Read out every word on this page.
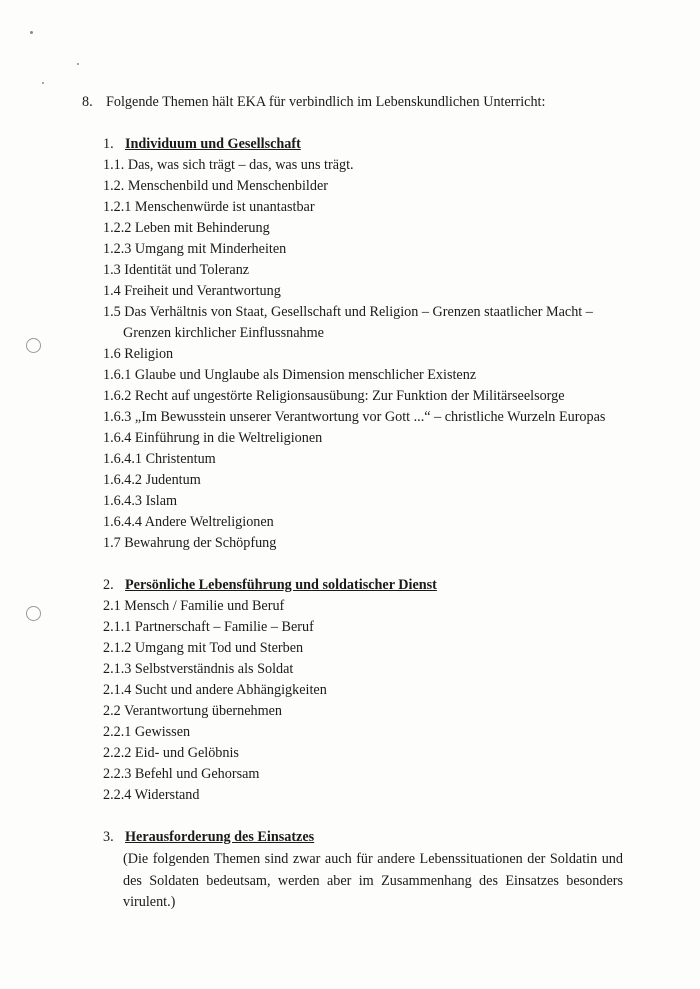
8. Folgende Themen hält EKA für verbindlich im Lebenskundlichen Unterricht:
1. Individuum und Gesellschaft
1.1. Das, was sich trägt – das, was uns trägt.
1.2. Menschenbild und Menschenbilder
1.2.1 Menschenwürde ist unantastbar
1.2.2 Leben mit Behinderung
1.2.3 Umgang mit Minderheiten
1.3 Identität und Toleranz
1.4 Freiheit und Verantwortung
1.5 Das Verhältnis von Staat, Gesellschaft und Religion – Grenzen staatlicher Macht –
Grenzen kirchlicher Einflussnahme
1.6 Religion
1.6.1 Glaube und Unglaube als Dimension menschlicher Existenz
1.6.2 Recht auf ungestörte Religionsausübung: Zur Funktion der Militärseelsorge
1.6.3 „Im Bewusstein unserer Verantwortung vor Gott ...“ – christliche Wurzeln Europas
1.6.4 Einführung in die Weltreligionen
1.6.4.1 Christentum
1.6.4.2 Judentum
1.6.4.3 Islam
1.6.4.4 Andere Weltreligionen
1.7 Bewahrung der Schöpfung
2. Persönliche Lebensführung und soldatischer Dienst
2.1 Mensch / Familie und Beruf
2.1.1 Partnerschaft – Familie – Beruf
2.1.2 Umgang mit Tod und Sterben
2.1.3 Selbstverständnis als Soldat
2.1.4 Sucht und andere Abhängigkeiten
2.2 Verantwortung übernehmen
2.2.1 Gewissen
2.2.2 Eid- und Gelöbnis
2.2.3 Befehl und Gehorsam
2.2.4 Widerstand
3. Herausforderung des Einsatzes
(Die folgenden Themen sind zwar auch für andere Lebenssituationen der Soldatin und des Soldaten bedeutsam, werden aber im Zusammenhang des Einsatzes besonders virulent.)
